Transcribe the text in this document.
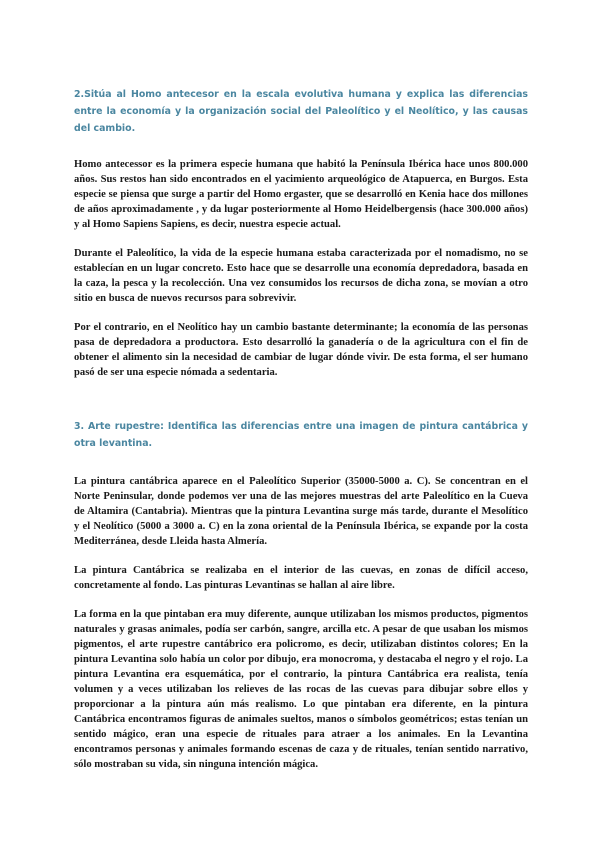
2.Sitúa al Homo antecesor en la escala evolutiva humana y explica las diferencias entre la economía y la organización social del Paleolítico y el Neolítico, y las causas del cambio.

Homo antecessor es la primera especie humana que habitó la Península Ibérica hace unos 800.000 años. Sus restos han sido encontrados en el yacimiento arqueológico de Atapuerca, en Burgos. Esta especie se piensa que surge a partir del Homo ergaster, que se desarrolló en Kenia hace dos millones de años aproximadamente , y da lugar posteriormente al Homo Heidelbergensis (hace 300.000 años) y al Homo Sapiens Sapiens, es decir, nuestra especie actual.

Durante el Paleolítico, la vida de la especie humana estaba caracterizada por el nomadismo, no se establecían en un lugar concreto. Esto hace que se desarrolle una economía depredadora, basada en la caza, la pesca y la recolección. Una vez consumidos los recursos de dicha zona, se movían a otro sitio en busca de nuevos recursos para sobrevivir.

Por el contrario, en el Neolítico hay un cambio bastante determinante; la economía de las personas pasa de depredadora a productora. Esto desarrolló la ganadería o de la agricultura con el fin de obtener el alimento sin la necesidad de cambiar de lugar dónde vivir. De esta forma, el ser humano pasó de ser una especie nómada a sedentaria.

3. Arte rupestre: Identifica las diferencias entre una imagen de pintura cantábrica y otra levantina.

La pintura cantábrica aparece en el Paleolítico Superior (35000-5000 a. C). Se concentran en el Norte Peninsular, donde podemos ver una de las mejores muestras del arte Paleolítico en la Cueva de Altamira (Cantabria). Mientras que la pintura Levantina surge más tarde, durante el Mesolítico y el Neolítico (5000 a 3000 a. C) en la zona oriental de la Península Ibérica, se expande por la costa Mediterránea, desde Lleida hasta Almería.

La pintura Cantábrica se realizaba en el interior de las cuevas, en zonas de difícil acceso, concretamente al fondo. Las pinturas Levantinas se hallan al aire libre.

La forma en la que pintaban era muy diferente, aunque utilizaban los mismos productos, pigmentos naturales y grasas animales, podía ser carbón, sangre, arcilla etc. A pesar de que usaban los mismos pigmentos, el arte rupestre cantábrico era policromo, es decir, utilizaban distintos colores; En la pintura Levantina solo había un color por dibujo, era monocroma, y destacaba el negro y el rojo. La pintura Levantina era esquemática, por el contrario, la pintura Cantábrica era realista, tenía volumen y a veces utilizaban los relieves de las rocas de las cuevas para dibujar sobre ellos y proporcionar a la pintura aún más realismo. Lo que pintaban era diferente, en la pintura Cantábrica encontramos figuras de animales sueltos, manos o símbolos geométricos; estas tenían un sentido mágico, eran una especie de rituales para atraer a los animales. En la Levantina encontramos personas y animales formando escenas de caza y de rituales, tenían sentido narrativo, sólo mostraban su vida, sin ninguna intención mágica.
